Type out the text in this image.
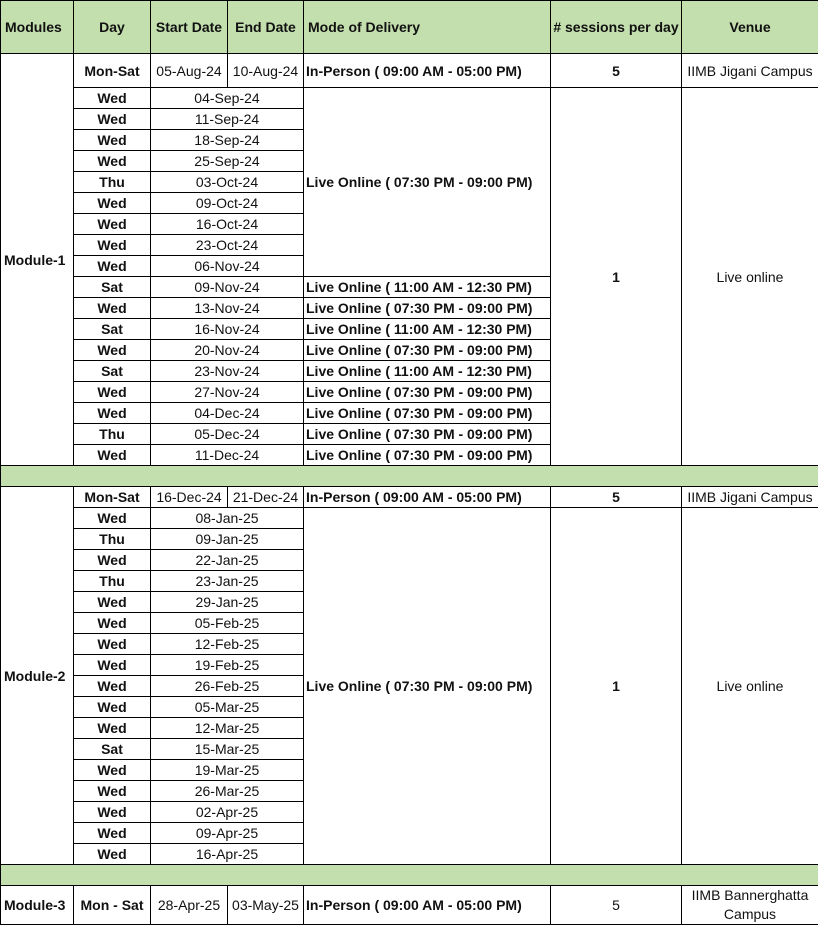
Modules	Day	Start Date	End Date	Mode of Delivery	# sessions per day	Venue
Module-1	Mon-Sat	05-Aug-24	10-Aug-24	In-Person ( 09:00 AM - 05:00 PM)	5	IIMB Jigani Campus
	Wed	04-Sep-24		Live Online ( 07:30 PM - 09:00 PM)	1	Live online
	Wed	11-Sep-24				
	Wed	18-Sep-24				
	Wed	25-Sep-24				
	Thu	03-Oct-24				
	Wed	09-Oct-24				
	Wed	16-Oct-24				
	Wed	23-Oct-24				
	Wed	06-Nov-24				
	Sat	09-Nov-24		Live Online ( 11:00 AM - 12:30 PM)		
	Wed	13-Nov-24		Live Online ( 07:30 PM - 09:00 PM)		
	Sat	16-Nov-24		Live Online ( 11:00 AM - 12:30 PM)		
	Wed	20-Nov-24		Live Online ( 07:30 PM - 09:00 PM)		
	Sat	23-Nov-24		Live Online ( 11:00 AM - 12:30 PM)		
	Wed	27-Nov-24		Live Online ( 07:30 PM - 09:00 PM)		
	Wed	04-Dec-24		Live Online ( 07:30 PM - 09:00 PM)		
	Thu	05-Dec-24		Live Online ( 07:30 PM - 09:00 PM)		
	Wed	11-Dec-24		Live Online ( 07:30 PM - 09:00 PM)		

Module-2	Mon-Sat	16-Dec-24	21-Dec-24	In-Person ( 09:00 AM - 05:00 PM)	5	IIMB Jigani Campus
	Wed	08-Jan-25		Live Online ( 07:30 PM - 09:00 PM)	1	Live online
	Thu	09-Jan-25				
	Wed	22-Jan-25				
	Thu	23-Jan-25				
	Wed	29-Jan-25				
	Wed	05-Feb-25				
	Wed	12-Feb-25				
	Wed	19-Feb-25				
	Wed	26-Feb-25				
	Wed	05-Mar-25				
	Wed	12-Mar-25				
	Sat	15-Mar-25				
	Wed	19-Mar-25				
	Wed	26-Mar-25				
	Wed	02-Apr-25				
	Wed	09-Apr-25				
	Wed	16-Apr-25				

Module-3	Mon - Sat	28-Apr-25	03-May-25	In-Person ( 09:00 AM - 05:00 PM)	5	IIMB Bannerghatta Campus
